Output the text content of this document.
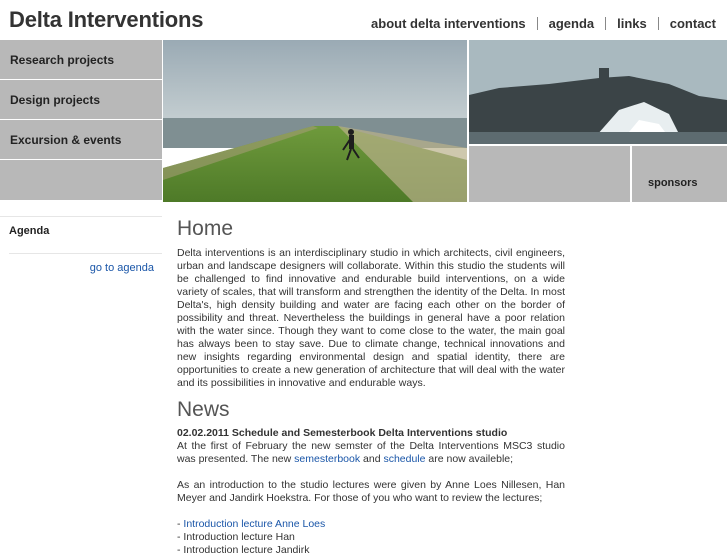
Delta Interventions	about delta interventions	agenda	links	contact
Research projects
Design projects
Excursion & events
sponsors
Agenda
go to agenda
Home

Delta interventions is an interdisciplinary studio in which architects, civil engineers, urban and landscape designers will collaborate. Within this studio the students will be challenged to find innovative and endurable build interventions, on a wide variety of scales, that will transform and strengthen the identity of the Delta. In most Delta's, high density building and water are facing each other on the border of possibility and threat. Nevertheless the buildings in general have a poor relation with the water since. Though they want to come close to the water, the main goal has always been to stay save. Due to climate change, technical innovations and new insights regarding environmental design and spatial identity, there are opportunities to create a new generation of architecture that will deal with the water and its possibilities in innovative and endurable ways.

News

02.02.2011 Schedule and Semesterbook Delta Interventions studio

At the first of February the new semster of the Delta Interventions MSC3 studio was presented. The new semesterbook and schedule are now availeble;

As an introduction to the studio lectures were given by Anne Loes Nillesen, Han Meyer and Jandirk Hoekstra. For those of you who want to review the lectures;

- Introduction lecture Anne Loes

- Introduction lecture Han

- Introduction lecture Jandirk
